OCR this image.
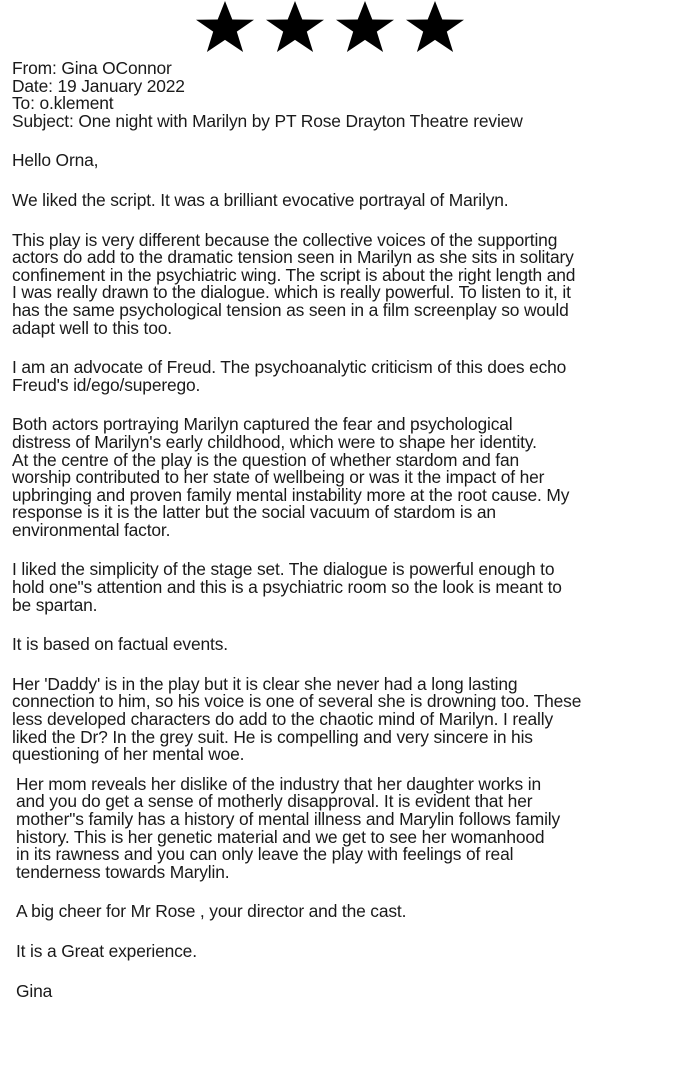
From: Gina OConnor
Date: 19 January 2022
To: o.klement
Subject: One night with Marilyn by PT Rose Drayton Theatre review

Hello Orna,

We liked the script. It was a brilliant evocative portrayal of Marilyn.

This play is very different because the collective voices of the supporting
actors do add to the dramatic tension seen in Marilyn as she sits in solitary
confinement in the psychiatric wing. The script is about the right length and
I was really drawn to the dialogue. which is really powerful. To listen to it, it
has the same psychological tension as seen in a film screenplay so would
adapt well to this too.

I am an advocate of Freud. The psychoanalytic criticism of this does echo
Freud's id/ego/superego.

Both actors portraying Marilyn captured the fear and psychological
distress of Marilyn's early childhood, which were to shape her identity.
At the centre of the play is the question of whether stardom and fan
worship contributed to her state of wellbeing or was it the impact of her
upbringing and proven family mental instability more at the root cause. My
response is it is the latter but the social vacuum of stardom is an
environmental factor.

I liked the simplicity of the stage set. The dialogue is powerful enough to
hold one"s attention and this is a psychiatric room so the look is meant to
be spartan.

It is based on factual events.

Her 'Daddy' is in the play but it is clear she never had a long lasting
connection to him, so his voice is one of several she is drowning too. These
less developed characters do add to the chaotic mind of Marilyn. I really
liked the Dr? In the grey suit. He is compelling and very sincere in his
questioning of her mental woe.

Her mom reveals her dislike of the industry that her daughter works in
and you do get a sense of motherly disapproval. It is evident that her
mother"s family has a history of mental illness and Marylin follows family
history. This is her genetic material and we get to see her womanhood
in its rawness and you can only leave the play with feelings of real
tenderness towards Marylin.

A big cheer for Mr Rose , your director and the cast.

It is a Great experience.

Gina
